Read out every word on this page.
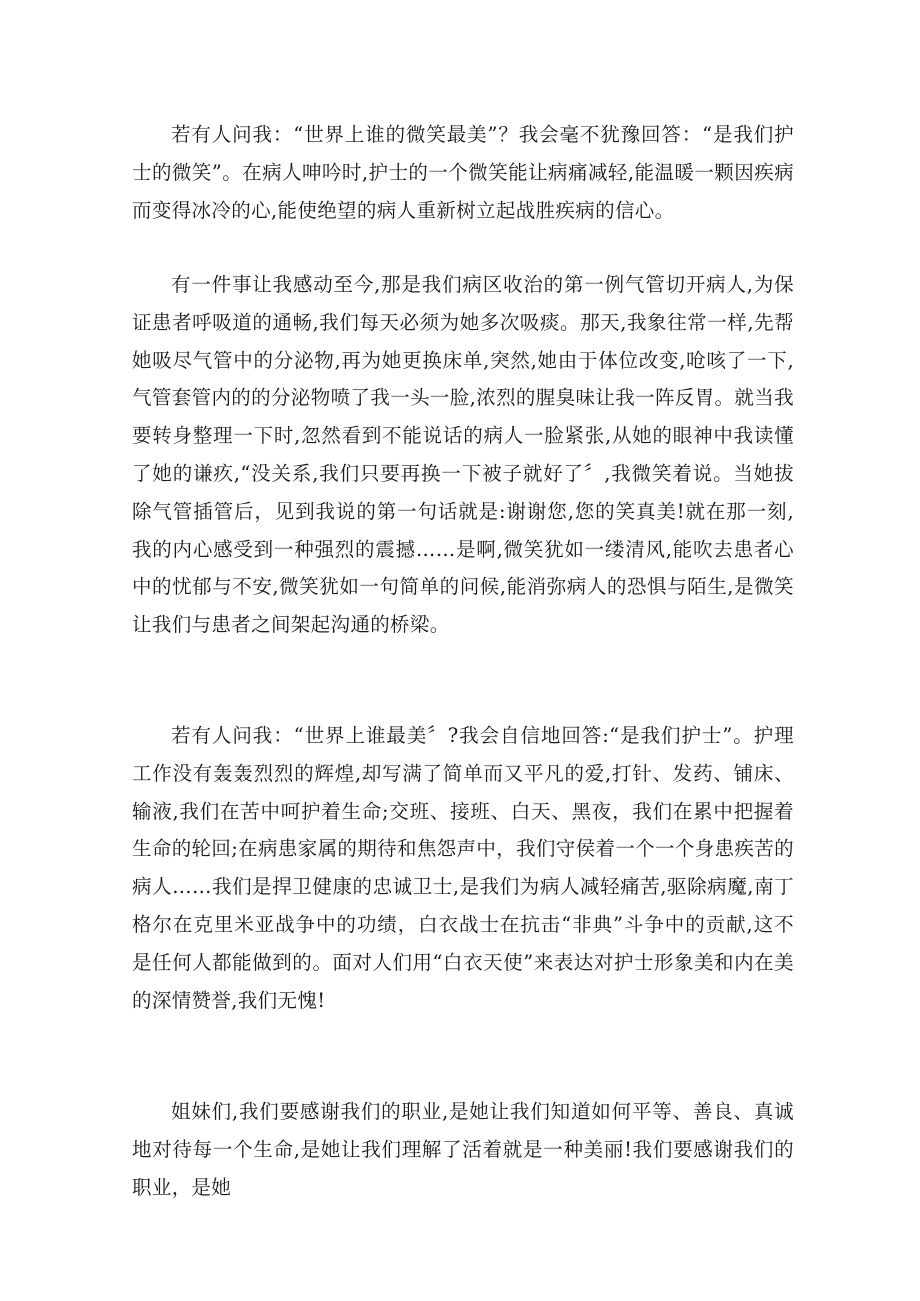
若有人问我：“世界上谁的微笑最美”？我会毫不犹豫回答：“是我们护士的微笑”。在病人呻吟时,护士的一个微笑能让病痛减轻,能温暖一颗因疾病而变得冰冷的心,能使绝望的病人重新树立起战胜疾病的信心。

有一件事让我感动至今,那是我们病区收治的第一例气管切开病人,为保证患者呼吸道的通畅,我们每天必须为她多次吸痰。那天,我象往常一样,先帮她吸尽气管中的分泌物,再为她更换床单,突然,她由于体位改变,呛咳了一下,气管套管内的的分泌物喷了我一头一脸,浓烈的腥臭味让我一阵反胃。就当我要转身整理一下时,忽然看到不能说话的病人一脸紧张,从她的眼神中我读懂了她的谦疚,“没关系,我们只要再换一下被子就好了〞,我微笑着说。当她拔除气管插管后，见到我说的第一句话就是:谢谢您,您的笑真美!就在那一刻,我的内心感受到一种强烈的震撼……是啊,微笑犹如一缕清风,能吹去患者心中的忧郁与不安,微笑犹如一句简单的问候,能消弥病人的恐惧与陌生,是微笑让我们与患者之间架起沟通的桥梁。

若有人问我：“世界上谁最美〞?我会自信地回答:“是我们护士”。护理工作没有轰轰烈烈的辉煌,却写满了简单而又平凡的爱,打针、发药、铺床、输液,我们在苦中呵护着生命;交班、接班、白天、黑夜，我们在累中把握着生命的轮回;在病患家属的期待和焦怨声中，我们守侯着一个一个身患疾苦的病人……我们是捍卫健康的忠诚卫士,是我们为病人减轻痛苦,驱除病魔,南丁格尔在克里米亚战争中的功绩，白衣战士在抗击“非典”斗争中的贡献,这不是任何人都能做到的。面对人们用“白衣天使”来表达对护士形象美和内在美的深情赞誉,我们无愧!

姐妹们,我们要感谢我们的职业,是她让我们知道如何平等、善良、真诚地对待每一个生命,是她让我们理解了活着就是一种美丽!我们要感谢我们的职业，是她
